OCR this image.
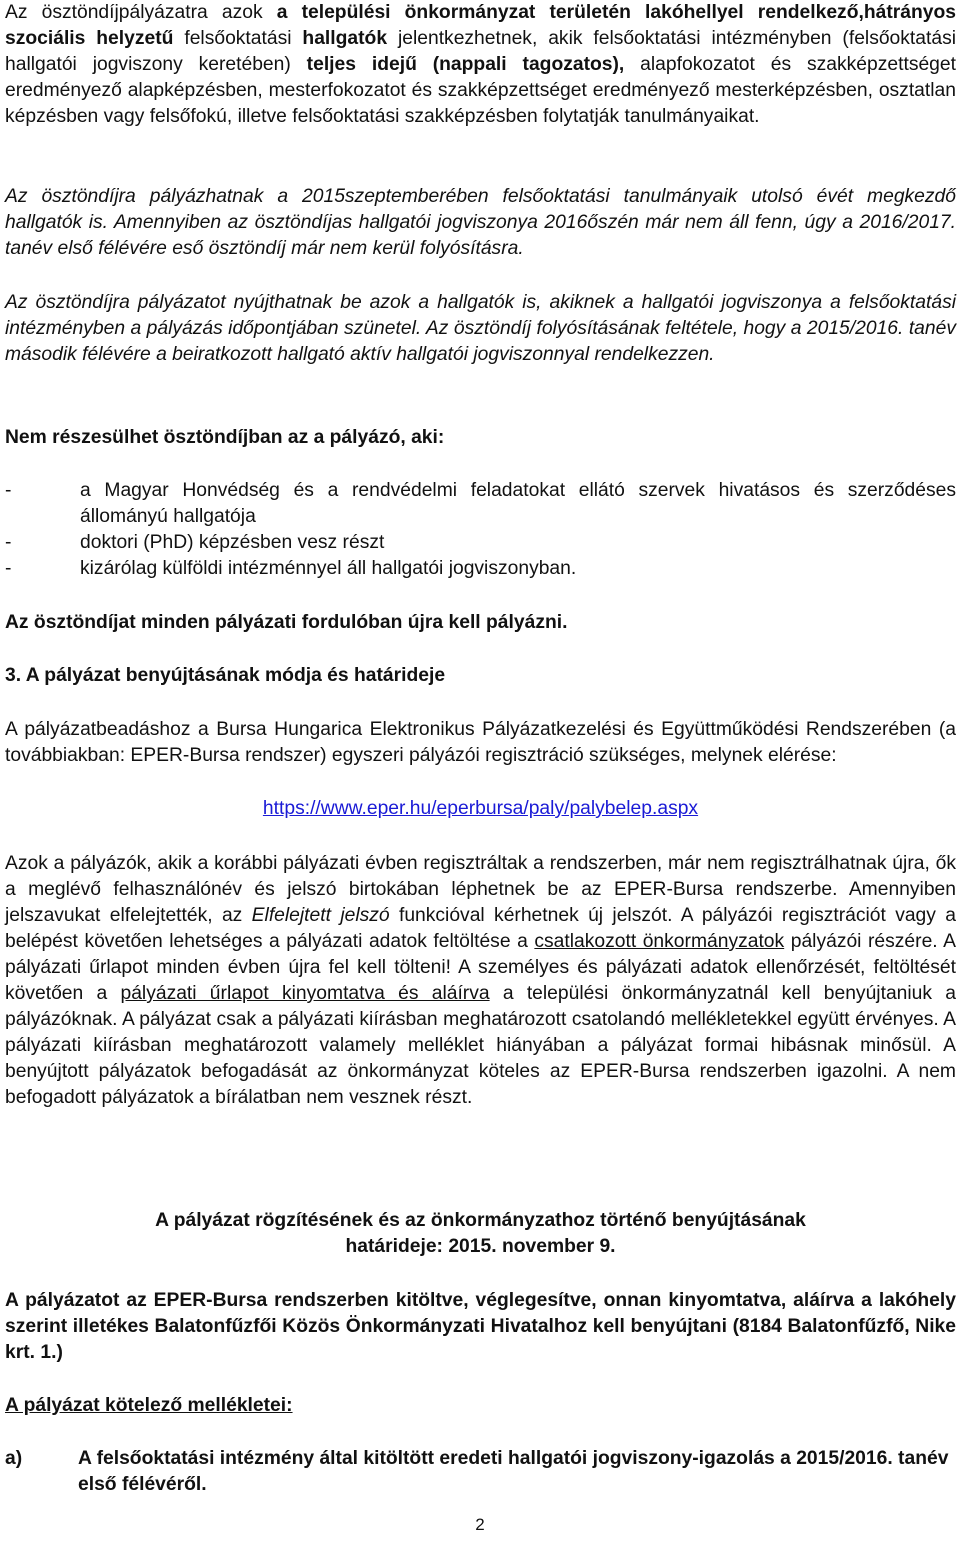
Az ösztöndíjpályázatra azok a települési önkormányzat területén lakóhellyel rendelkező,hátrányos szociális helyzetű felsőoktatási hallgatók jelentkezhetnek, akik felsőoktatási intézményben (felsőoktatási hallgatói jogviszony keretében) teljes idejű (nappali tagozatos), alapfokozatot és szakképzettséget eredményező alapképzésben, mesterfokozatot és szakképzettséget eredményező mesterképzésben, osztatlan képzésben vagy felsőfokú, illetve felsőoktatási szakképzésben folytatják tanulmányaikat.

Az ösztöndíjra pályázhatnak a 2015szeptemberében felsőoktatási tanulmányaik utolsó évét megkezdő hallgatók is. Amennyiben az ösztöndíjas hallgatói jogviszonya 2016őszén már nem áll fenn, úgy a 2016/2017. tanév első félévére eső ösztöndíj már nem kerül folyósításra.

Az ösztöndíjra pályázatot nyújthatnak be azok a hallgatók is, akiknek a hallgatói jogviszonya a felsőoktatási intézményben a pályázás időpontjában szünetel. Az ösztöndíj folyósításának feltétele, hogy a 2015/2016. tanév második félévére a beiratkozott hallgató aktív hallgatói jogviszonnyal rendelkezzen.

Nem részesülhet ösztöndíjban az a pályázó, aki:

-	a Magyar Honvédség és a rendvédelmi feladatokat ellátó szervek hivatásos és szerződéses állományú hallgatója
-	doktori (PhD) képzésben vesz részt
-	kizárólag külföldi intézménnyel áll hallgatói jogviszonyban.

Az ösztöndíjat minden pályázati fordulóban újra kell pályázni.

3. A pályázat benyújtásának módja és határideje

A pályázatbeadáshoz a Bursa Hungarica Elektronikus Pályázatkezelési és Együttműködési Rendszerében (a továbbiakban: EPER-Bursa rendszer) egyszeri pályázói regisztráció szükséges, melynek elérése:

https://www.eper.hu/eperbursa/paly/palybelep.aspx

Azok a pályázók, akik a korábbi pályázati évben regisztráltak a rendszerben, már nem regisztrálhatnak újra, ők a meglévő felhasználónév és jelszó birtokában léphetnek be az EPER-Bursa rendszerbe. Amennyiben jelszavukat elfelejtették, az Elfelejtett jelszó funkcióval kérhetnek új jelszót. A pályázói regisztrációt vagy a belépést követően lehetséges a pályázati adatok feltöltése a csatlakozott önkormányzatok pályázói részére. A pályázati űrlapot minden évben újra fel kell tölteni! A személyes és pályázati adatok ellenőrzését, feltöltését követően a pályázati űrlapot kinyomtatva és aláírva a települési önkormányzatnál kell benyújtaniuk a pályázóknak. A pályázat csak a pályázati kiírásban meghatározott csatolandó mellékletekkel együtt érvényes. A pályázati kiírásban meghatározott valamely melléklet hiányában a pályázat formai hibásnak minősül. A benyújtott pályázatok befogadását az önkormányzat köteles az EPER-Bursa rendszerben igazolni. A nem befogadott pályázatok a bírálatban nem vesznek részt.

A pályázat rögzítésének és az önkormányzathoz történő benyújtásának
határideje: 2015. november 9.

A pályázatot az EPER-Bursa rendszerben kitöltve, véglegesítve, onnan kinyomtatva, aláírva a lakóhely szerint illetékes Balatonfűzfői Közös Önkormányzati Hivatalhoz kell benyújtani (8184 Balatonfűzfő, Nike krt. 1.)

A pályázat kötelező mellékletei:

a)	A felsőoktatási intézmény által kitöltött eredeti hallgatói jogviszony-igazolás a 2015/2016. tanév első félévéről.
2
